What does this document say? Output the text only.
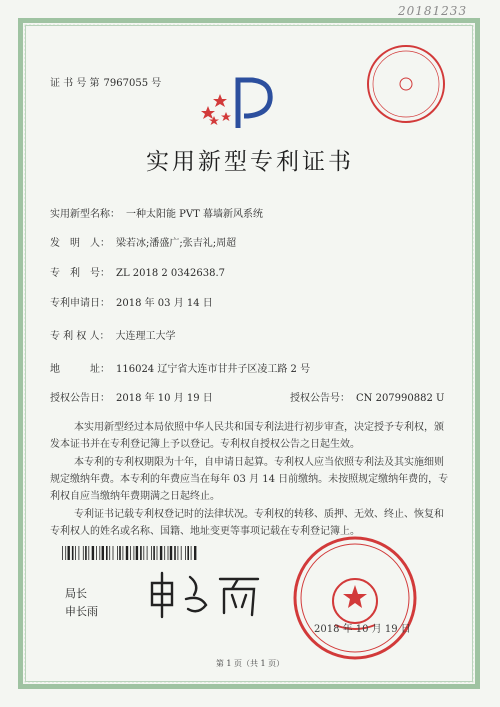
20181233
证 书 号 第 7967055 号
实用新型专利证书
实用新型名称： 一种太阳能 PVT 幕墙新风系统
发　明　人： 梁若冰;潘盛广;张吉礼;周超
专　利　号： ZL 2018 2 0342638.7
专利申请日： 2018 年 03 月 14 日
专 利 权 人： 大连理工大学
地　　　址： 116024 辽宁省大连市甘井子区凌工路 2 号
授权公告日： 2018 年 10 月 19 日	授权公告号： CN 207990882 U
本实用新型经过本局依照中华人民共和国专利法进行初步审查，决定授予专利权，颁发本证书并在专利登记簿上予以登记。专利权自授权公告之日起生效。
本专利的专利权期限为十年，自申请日起算。专利权人应当依照专利法及其实施细则规定缴纳年费。本专利的年费应当在每年 03 月 14 日前缴纳。未按照规定缴纳年费的，专利权自应当缴纳年费期满之日起终止。
专利证书记载专利权登记时的法律状况。专利权的转移、质押、无效、终止、恢复和专利权人的姓名或名称、国籍、地址变更等事项记载在专利登记簿上。
局长
申长雨
2018 年 10 月 19 日
第 1 页（共 1 页）
